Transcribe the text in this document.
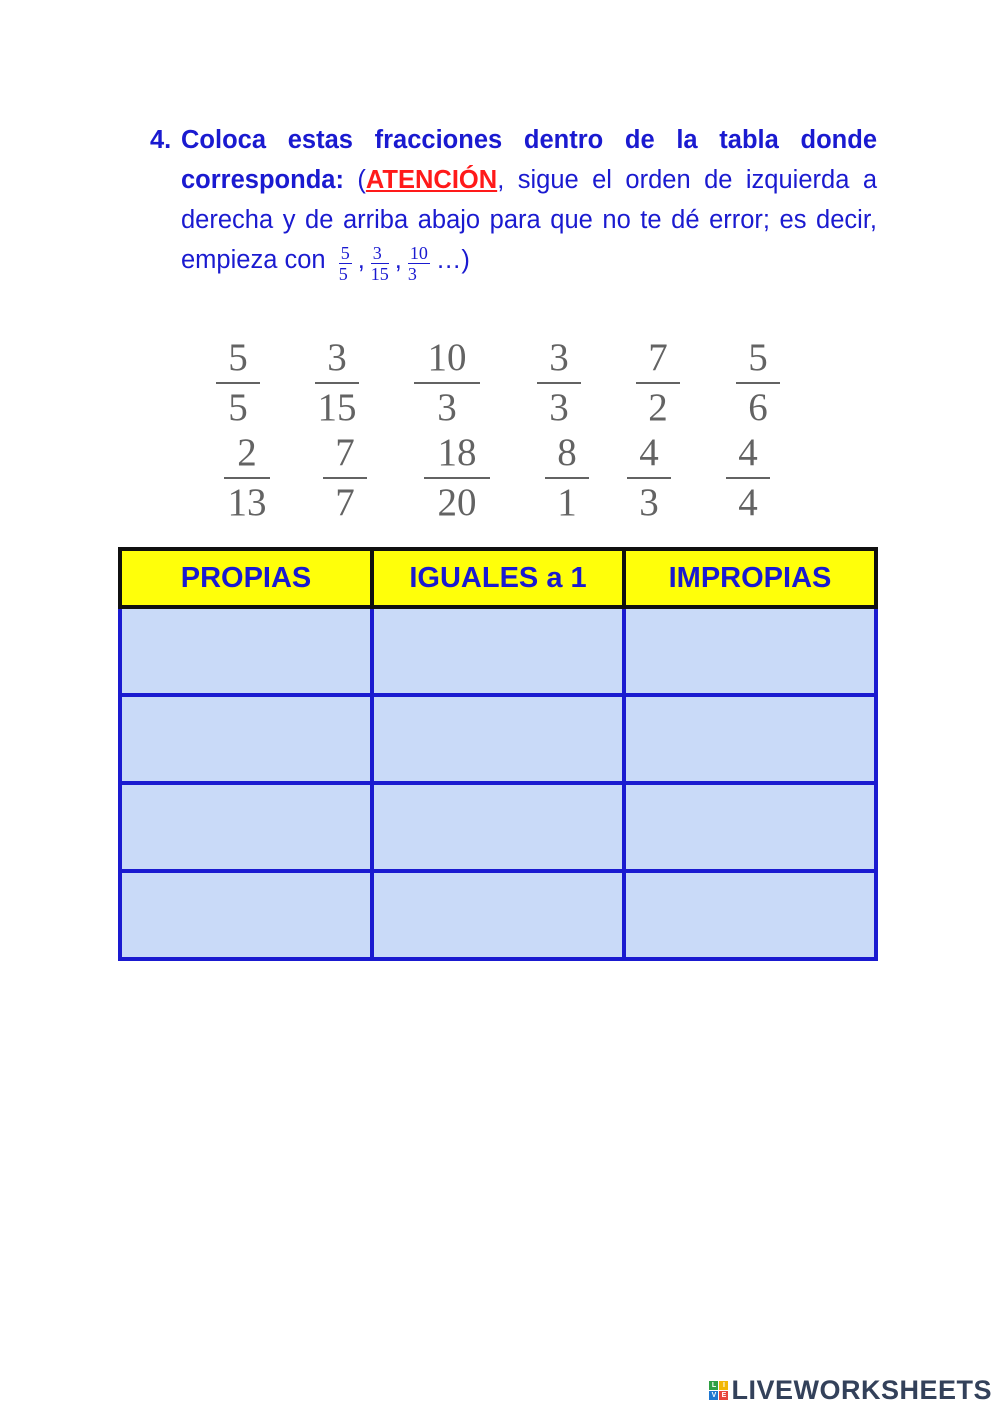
4. Coloca estas fracciones dentro de la tabla donde corresponda: (ATENCIÓN, sigue el orden de izquierda a derecha y de arriba abajo para que no te dé error; es decir, empieza con $\frac{5}{5}$ , $\frac{3}{15}$ , $\frac{10}{3}$ …)
$\frac{5}{5} \frac{3}{15} \frac{10}{3} \frac{3}{3} \frac{7}{2} \frac{5}{6}$
$\frac{2}{13} \frac{7}{7} \frac{18}{20} \frac{8}{1} \frac{4}{3} \frac{4}{4}$
PROPIAS	IGUALES a 1	IMPROPIAS

L I
V E LIVEWORKSHEETS
